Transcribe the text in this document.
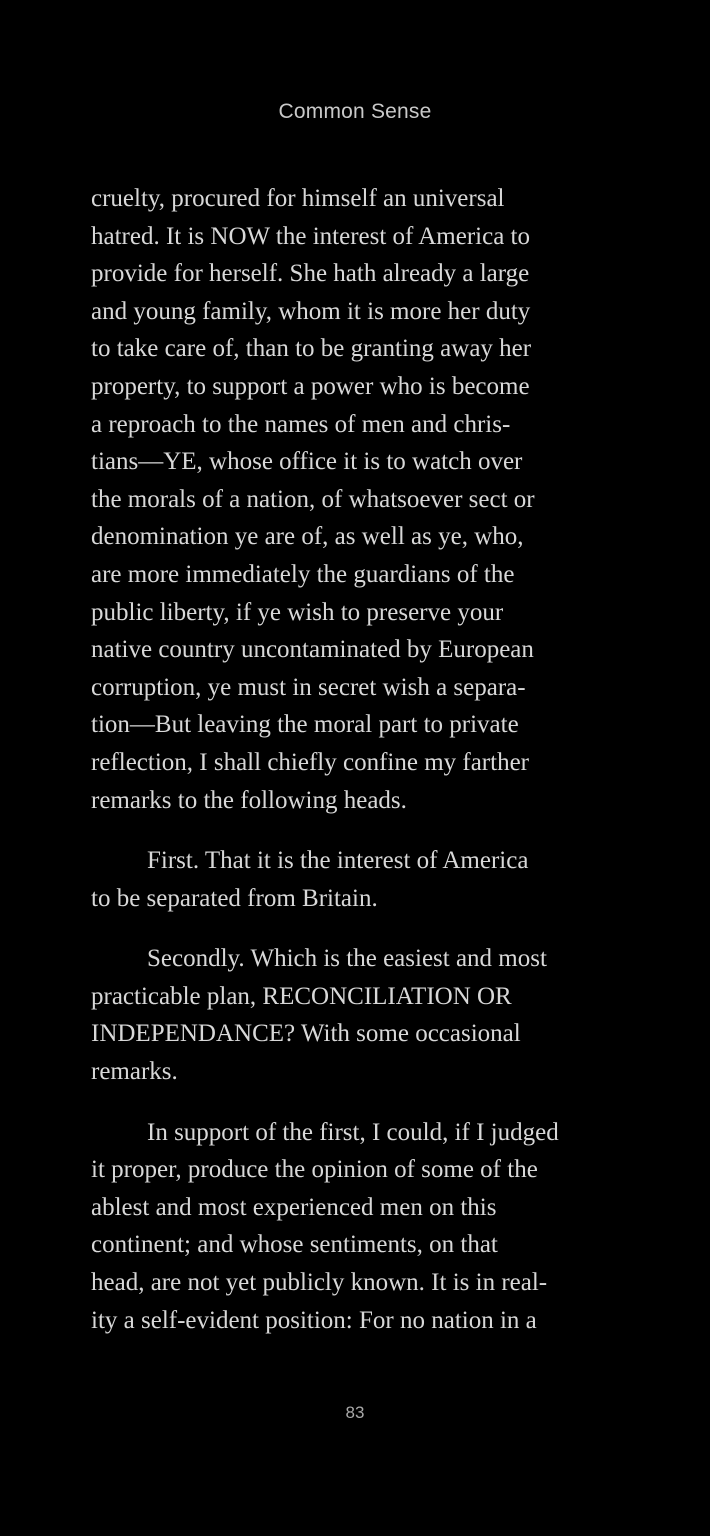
Common Sense
cruelty, procured for himself an universal
hatred. It is NOW the interest of America to
provide for herself. She hath already a large
and young family, whom it is more her duty
to take care of, than to be granting away her
property, to support a power who is become
a reproach to the names of men and chris-
tians—YE, whose office it is to watch over
the morals of a nation, of whatsoever sect or
denomination ye are of, as well as ye, who,
are more immediately the guardians of the
public liberty, if ye wish to preserve your
native country uncontaminated by European
corruption, ye must in secret wish a separa-
tion—But leaving the moral part to private
reflection, I shall chiefly confine my farther
remarks to the following heads.
First. That it is the interest of America
to be separated from Britain.
Secondly. Which is the easiest and most
practicable plan, RECONCILIATION OR
INDEPENDANCE? With some occasional
remarks.
In support of the first, I could, if I judged
it proper, produce the opinion of some of the
ablest and most experienced men on this
continent; and whose sentiments, on that
head, are not yet publicly known. It is in real-
ity a self-evident position: For no nation in a
83
